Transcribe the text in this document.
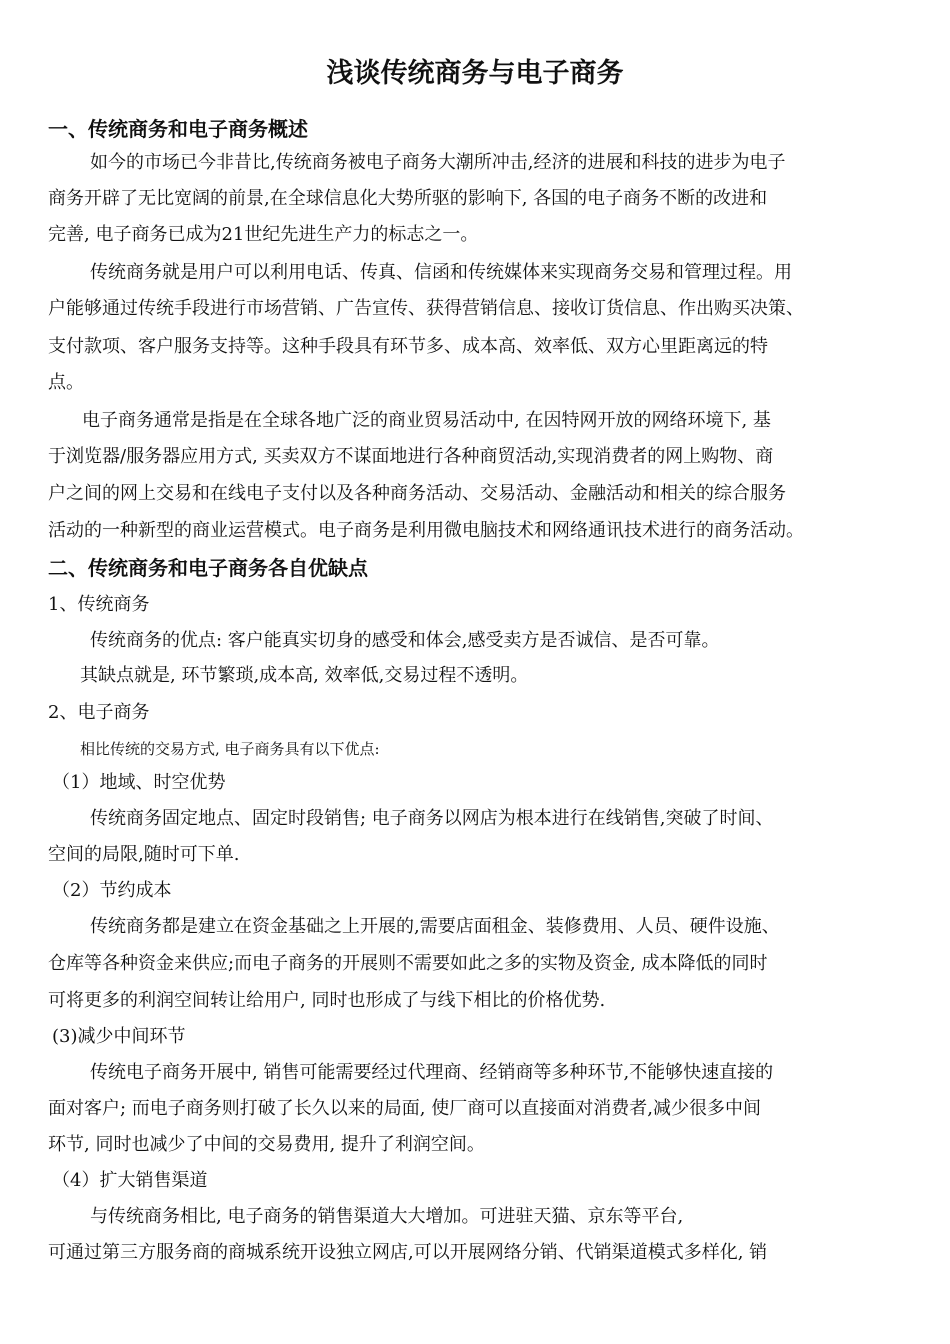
浅谈传统商务与电子商务
一、传统商务和电子商务概述

如今的市场已今非昔比,传统商务被电子商务大潮所冲击,经济的进展和科技的进步为电子

商务开辟了无比宽阔的前景,在全球信息化大势所驱的影响下, 各国的电子商务不断的改进和

完善, 电子商务已成为21世纪先进生产力的标志之一。

传统商务就是用户可以利用电话、传真、信函和传统媒体来实现商务交易和管理过程。用

户能够通过传统手段进行市场营销、广告宣传、获得营销信息、接收订货信息、作出购买决策、

支付款项、客户服务支持等。这种手段具有环节多、成本高、效率低、双方心里距离远的特

点。

电子商务通常是指是在全球各地广泛的商业贸易活动中, 在因特网开放的网络环境下, 基

于浏览器/服务器应用方式, 买卖双方不谋面地进行各种商贸活动,实现消费者的网上购物、商

户之间的网上交易和在线电子支付以及各种商务活动、交易活动、金融活动和相关的综合服务

活动的一种新型的商业运营模式。电子商务是利用微电脑技术和网络通讯技术进行的商务活动。

二、传统商务和电子商务各自优缺点

1、传统商务

传统商务的优点: 客户能真实切身的感受和体会,感受卖方是否诚信、是否可靠。

其缺点就是, 环节繁琐,成本高, 效率低,交易过程不透明。

2、电子商务

相比传统的交易方式, 电子商务具有以下优点:

（1）地域、时空优势

传统商务固定地点、固定时段销售; 电子商务以网店为根本进行在线销售,突破了时间、

空间的局限,随时可下单.

（2）节约成本

传统商务都是建立在资金基础之上开展的,需要店面租金、装修费用、人员、硬件设施、

仓库等各种资金来供应;而电子商务的开展则不需要如此之多的实物及资金, 成本降低的同时

可将更多的利润空间转让给用户, 同时也形成了与线下相比的价格优势.

(3)减少中间环节

传统电子商务开展中, 销售可能需要经过代理商、经销商等多种环节,不能够快速直接的

面对客户; 而电子商务则打破了长久以来的局面, 使厂商可以直接面对消费者,减少很多中间

环节, 同时也减少了中间的交易费用, 提升了利润空间。

（4）扩大销售渠道

与传统商务相比, 电子商务的销售渠道大大增加。可进驻天猫、京东等平台,

可通过第三方服务商的商城系统开设独立网店,可以开展网络分销、代销渠道模式多样化, 销
